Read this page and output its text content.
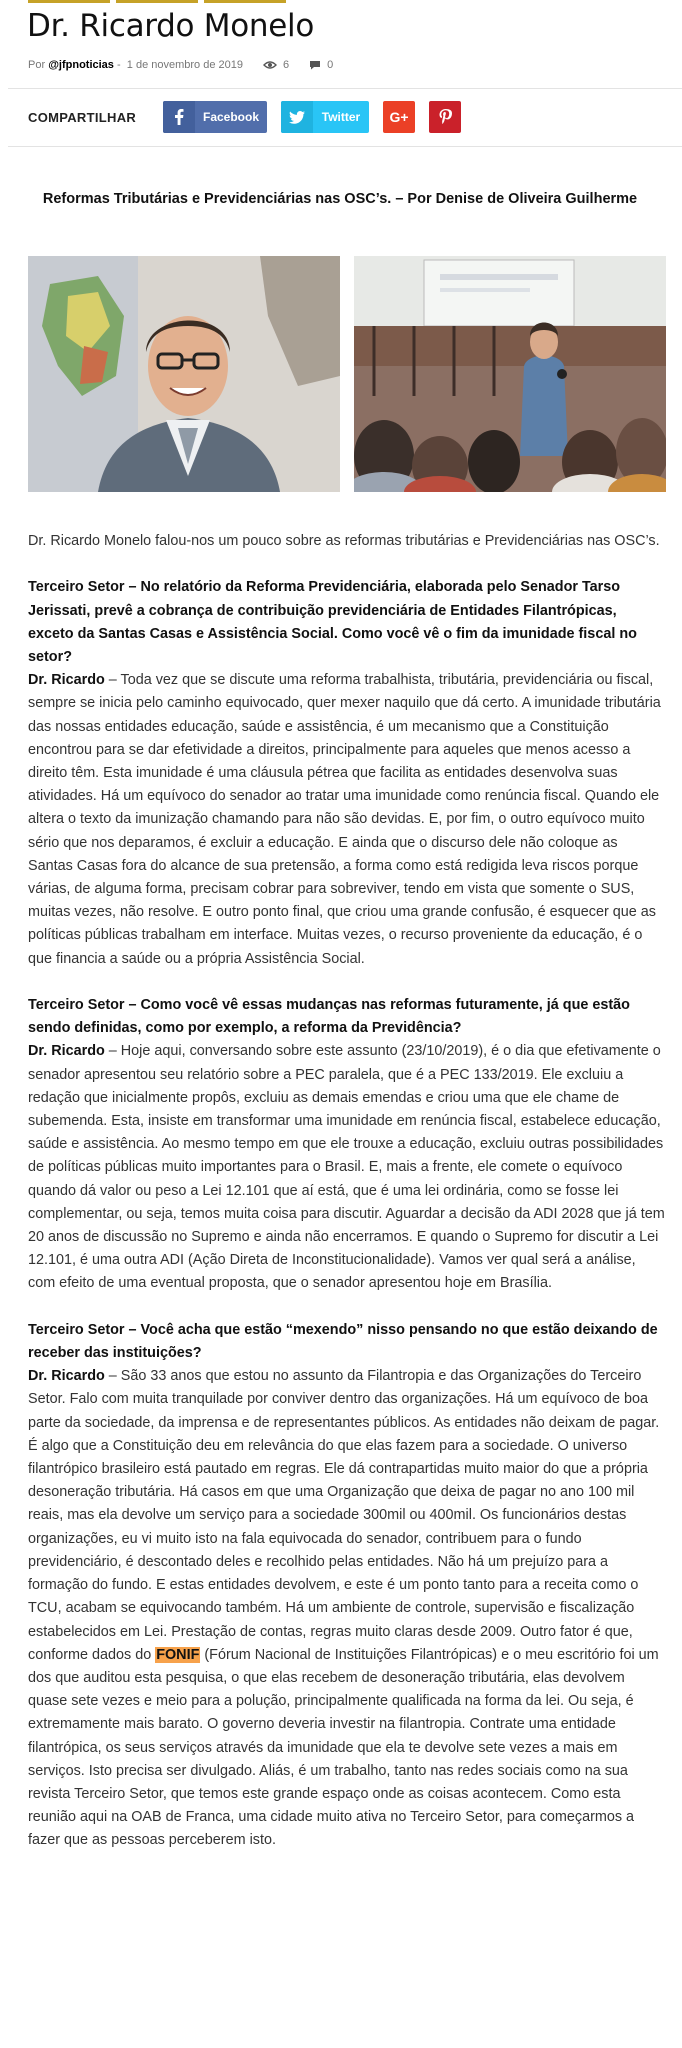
Dr. Ricardo Monelo
Por
@jfpnoticias
-
1 de novembro de 2019	6	0
COMPARTILHAR	Facebook	Twitter	G+
Reformas Tributárias e Previdenciárias nas OSC’s. – Por Denise de Oliveira Guilherme

Dr. Ricardo Monelo falou-nos um pouco sobre as reformas tributárias e Previdenciárias nas OSC’s.

Terceiro Setor – No relatório da Reforma Previdenciária, elaborada pelo Senador Tarso Jerissati, prevê a cobrança de contribuição previdenciária de Entidades Filantrópicas, exceto da Santas Casas e Assistência Social. Como você vê o fim da imunidade fiscal no setor?
Dr. Ricardo – Toda vez que se discute uma reforma trabalhista, tributária, previdenciária ou fiscal, sempre se inicia pelo caminho equivocado, quer mexer naquilo que dá certo. A imunidade tributária das nossas entidades educação, saúde e assistência, é um mecanismo que a Constituição encontrou para se dar efetividade a direitos, principalmente para aqueles que menos acesso a direito têm. Esta imunidade é uma cláusula pétrea que facilita as entidades desenvolva suas atividades. Há um equívoco do senador ao tratar uma imunidade como renúncia fiscal. Quando ele altera o texto da imunização chamando para não são devidas. E, por fim, o outro equívoco muito sério que nos deparamos, é excluir a educação. E ainda que o discurso dele não coloque as Santas Casas fora do alcance de sua pretensão, a forma como está redigida leva riscos porque várias, de alguma forma, precisam cobrar para sobreviver, tendo em vista que somente o SUS, muitas vezes, não resolve. E outro ponto final, que criou uma grande confusão, é esquecer que as políticas públicas trabalham em interface. Muitas vezes, o recurso proveniente da educação, é o que financia a saúde ou a própria Assistência Social.
Terceiro Setor – Como você vê essas mudanças nas reformas futuramente, já que estão sendo definidas, como por exemplo, a reforma da Previdência?
Dr. Ricardo – Hoje aqui, conversando sobre este assunto (23/10/2019), é o dia que efetivamente o senador apresentou seu relatório sobre a PEC paralela, que é a PEC 133/2019. Ele excluiu a redação que inicialmente propôs, excluiu as demais emendas e criou uma que ele chame de subemenda. Esta, insiste em transformar uma imunidade em renúncia fiscal, estabelece educação, saúde e assistência. Ao mesmo tempo em que ele trouxe a educação, excluiu outras possibilidades de políticas públicas muito importantes para o Brasil. E, mais a frente, ele comete o equívoco quando dá valor ou peso a Lei 12.101 que aí está, que é uma lei ordinária, como se fosse lei complementar, ou seja, temos muita coisa para discutir. Aguardar a decisão da ADI 2028 que já tem 20 anos de discussão no Supremo e ainda não encerramos. E quando o Supremo for discutir a Lei 12.101, é uma outra ADI (Ação Direta de Inconstitucionalidade). Vamos ver qual será a análise, com efeito de uma eventual proposta, que o senador apresentou hoje em Brasília.
Terceiro Setor – Você acha que estão “mexendo” nisso pensando no que estão deixando de receber das instituições?
Dr. Ricardo – São 33 anos que estou no assunto da Filantropia e das Organizações do Terceiro Setor. Falo com muita tranquilade por conviver dentro das organizações. Há um equívoco de boa parte da sociedade, da imprensa e de representantes públicos. As entidades não deixam de pagar. É algo que a Constituição deu em relevância do que elas fazem para a sociedade. O universo filantrópico brasileiro está pautado em regras. Ele dá contrapartidas muito maior do que a própria desoneração tributária. Há casos em que uma Organização que deixa de pagar no ano 100 mil reais, mas ela devolve um serviço para a sociedade 300mil ou 400mil. Os funcionários destas organizações, eu vi muito isto na fala equivocada do senador, contribuem para o fundo previdenciário, é descontado deles e recolhido pelas entidades. Não há um prejuízo para a formação do fundo. E estas entidades devolvem, e este é um ponto tanto para a receita como o TCU, acabam se equivocando também. Há um ambiente de controle, supervisão e fiscalização estabelecidos em Lei. Prestação de contas, regras muito claras desde 2009. Outro fator é que, conforme dados do FONIF (Fórum Nacional de Instituições Filantrópicas) e o meu escritório foi um dos que auditou esta pesquisa, o que elas recebem de desoneração tributária, elas devolvem quase sete vezes e meio para a polução, principalmente qualificada na forma da lei. Ou seja, é extremamente mais barato. O governo deveria investir na filantropia. Contrate uma entidade filantrópica, os seus serviços através da imunidade que ela te devolve sete vezes a mais em serviços. Isto precisa ser divulgado. Aliás, é um trabalho, tanto nas redes sociais como na sua revista Terceiro Setor, que temos este grande espaço onde as coisas acontecem. Como esta reunião aqui na OAB de Franca, uma cidade muito ativa no Terceiro Setor, para começarmos a fazer que as pessoas perceberem isto.
